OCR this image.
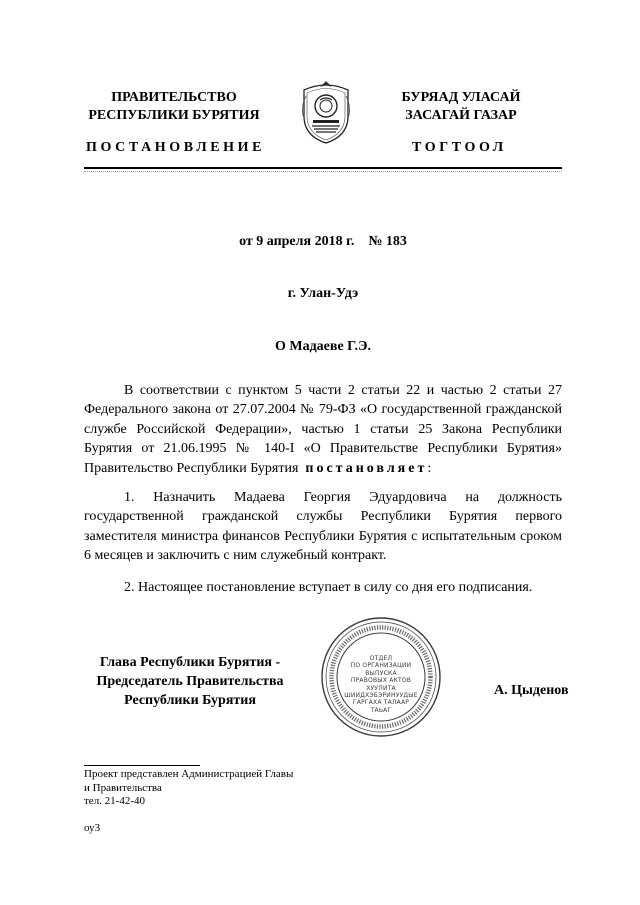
ПРАВИТЕЛЬСТВО
РЕСПУБЛИКИ БУРЯТИЯ
БУРЯАД УЛАСАЙ
ЗАСАГАЙ ГАЗАР
ПОСТАНОВЛЕНИЕ	ТОГТООЛ
от 9 апреля 2018 г. № 183
г. Улан-Удэ
О Мадаеве Г.Э.

В соответствии с пунктом 5 части 2 статьи 22 и частью 2 статьи 27 Федерального закона от 27.07.2004 № 79-ФЗ «О государственной гражданской службе Российской Федерации», частью 1 статьи 25 Закона Республики Бурятия от 21.06.1995 № 140-I «О Правительстве Республики Бурятия» Правительство Республики Бурятия постановляет:

1. Назначить Мадаева Георгия Эдуардовича на должность государственной гражданской службы Республики Бурятия первого заместителя министра финансов Республики Бурятия с испытательным сроком 6 месяцев и заключить с ним служебный контракт.

2. Настоящее постановление вступает в силу со дня его подписания.

Глава Республики Бурятия -
Председатель Правительства
Республики Бурятия
ОТДЕЛ
ПО ОРГАНИЗАЦИИ
ВЫПУСКА
ПРАВОВЫХ АКТОВ
ХУУЛИТА
ШИИДХЭБЭРИНУУДЫЕ
ГАРГАХА ТАЛААР
ТАЬАГ
А. Цыденов
Проект представлен Администрацией Главы
и Правительства
тел. 21-42-40
оу3
